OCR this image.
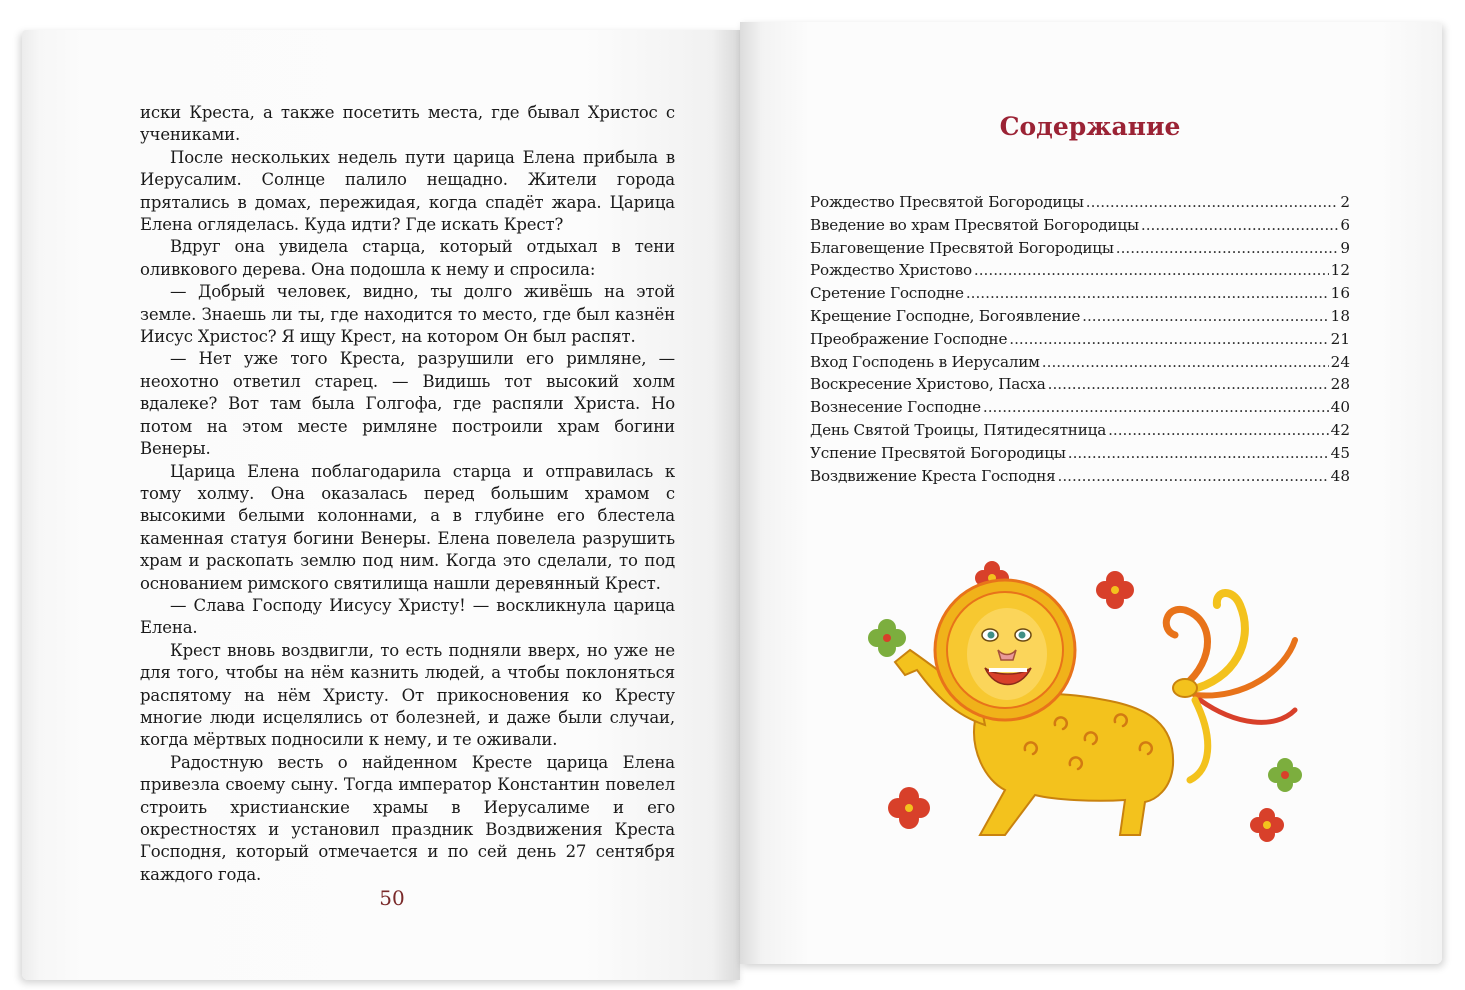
иски Креста, а также посетить места, где бывал Христос с учениками.

После нескольких недель пути царица Елена прибыла в Иерусалим. Солнце палило нещадно. Жители города прятались в домах, пережидая, когда спадёт жара. Царица Елена огляделась. Куда идти? Где искать Крест?

Вдруг она увидела старца, который отдыхал в тени оливкового дерева. Она подошла к нему и спросила:

— Добрый человек, видно, ты долго живёшь на этой земле. Знаешь ли ты, где находится то место, где был казнён Иисус Христос? Я ищу Крест, на котором Он был распят.

— Нет уже того Креста, разрушили его римляне, — неохотно ответил старец. — Видишь тот высокий холм вдалеке? Вот там была Голгофа, где распяли Христа. Но потом на этом месте римляне построили храм богини Венеры.

Царица Елена поблагодарила старца и отправилась к тому холму. Она оказалась перед большим храмом с высокими белыми колоннами, а в глубине его блестела каменная статуя богини Венеры. Елена повелела разрушить храм и раскопать землю под ним. Когда это сделали, то под основанием римского святилища нашли деревянный Крест.

— Слава Господу Иисусу Христу! — воскликнула царица Елена.

Крест вновь воздвигли, то есть подняли вверх, но уже не для того, чтобы на нём казнить людей, а чтобы поклоняться распятому на нём Христу. От прикосновения ко Кресту многие люди исцелялись от болезней, и даже были случаи, когда мёртвых подносили к нему, и те оживали.

Радостную весть о найденном Кресте царица Елена привезла своему сыну. Тогда император Константин повелел строить христианские храмы в Иерусалиме и его окрестностях и установил праздник Воздвижения Креста Господня, который отмечается и по сей день 27 сентября каждого года.

50
Содержание
Рождество Пресвятой Богородицы .....	2
Введение во храм Пресвятой Богородицы .....	6
Благовещение Пресвятой Богородицы .....	9
Рождество Христово .....	12
Сретение Господне .....	16
Крещение Господне, Богоявление .....	18
Преображение Господне .....	21
Вход Господень в Иерусалим .....	24
Воскресение Христово, Пасха .....	28
Вознесение Господне .....	40
День Святой Троицы, Пятидесятница .....	42
Успение Пресвятой Богородицы .....	45
Воздвижение Креста Господня .....	48
